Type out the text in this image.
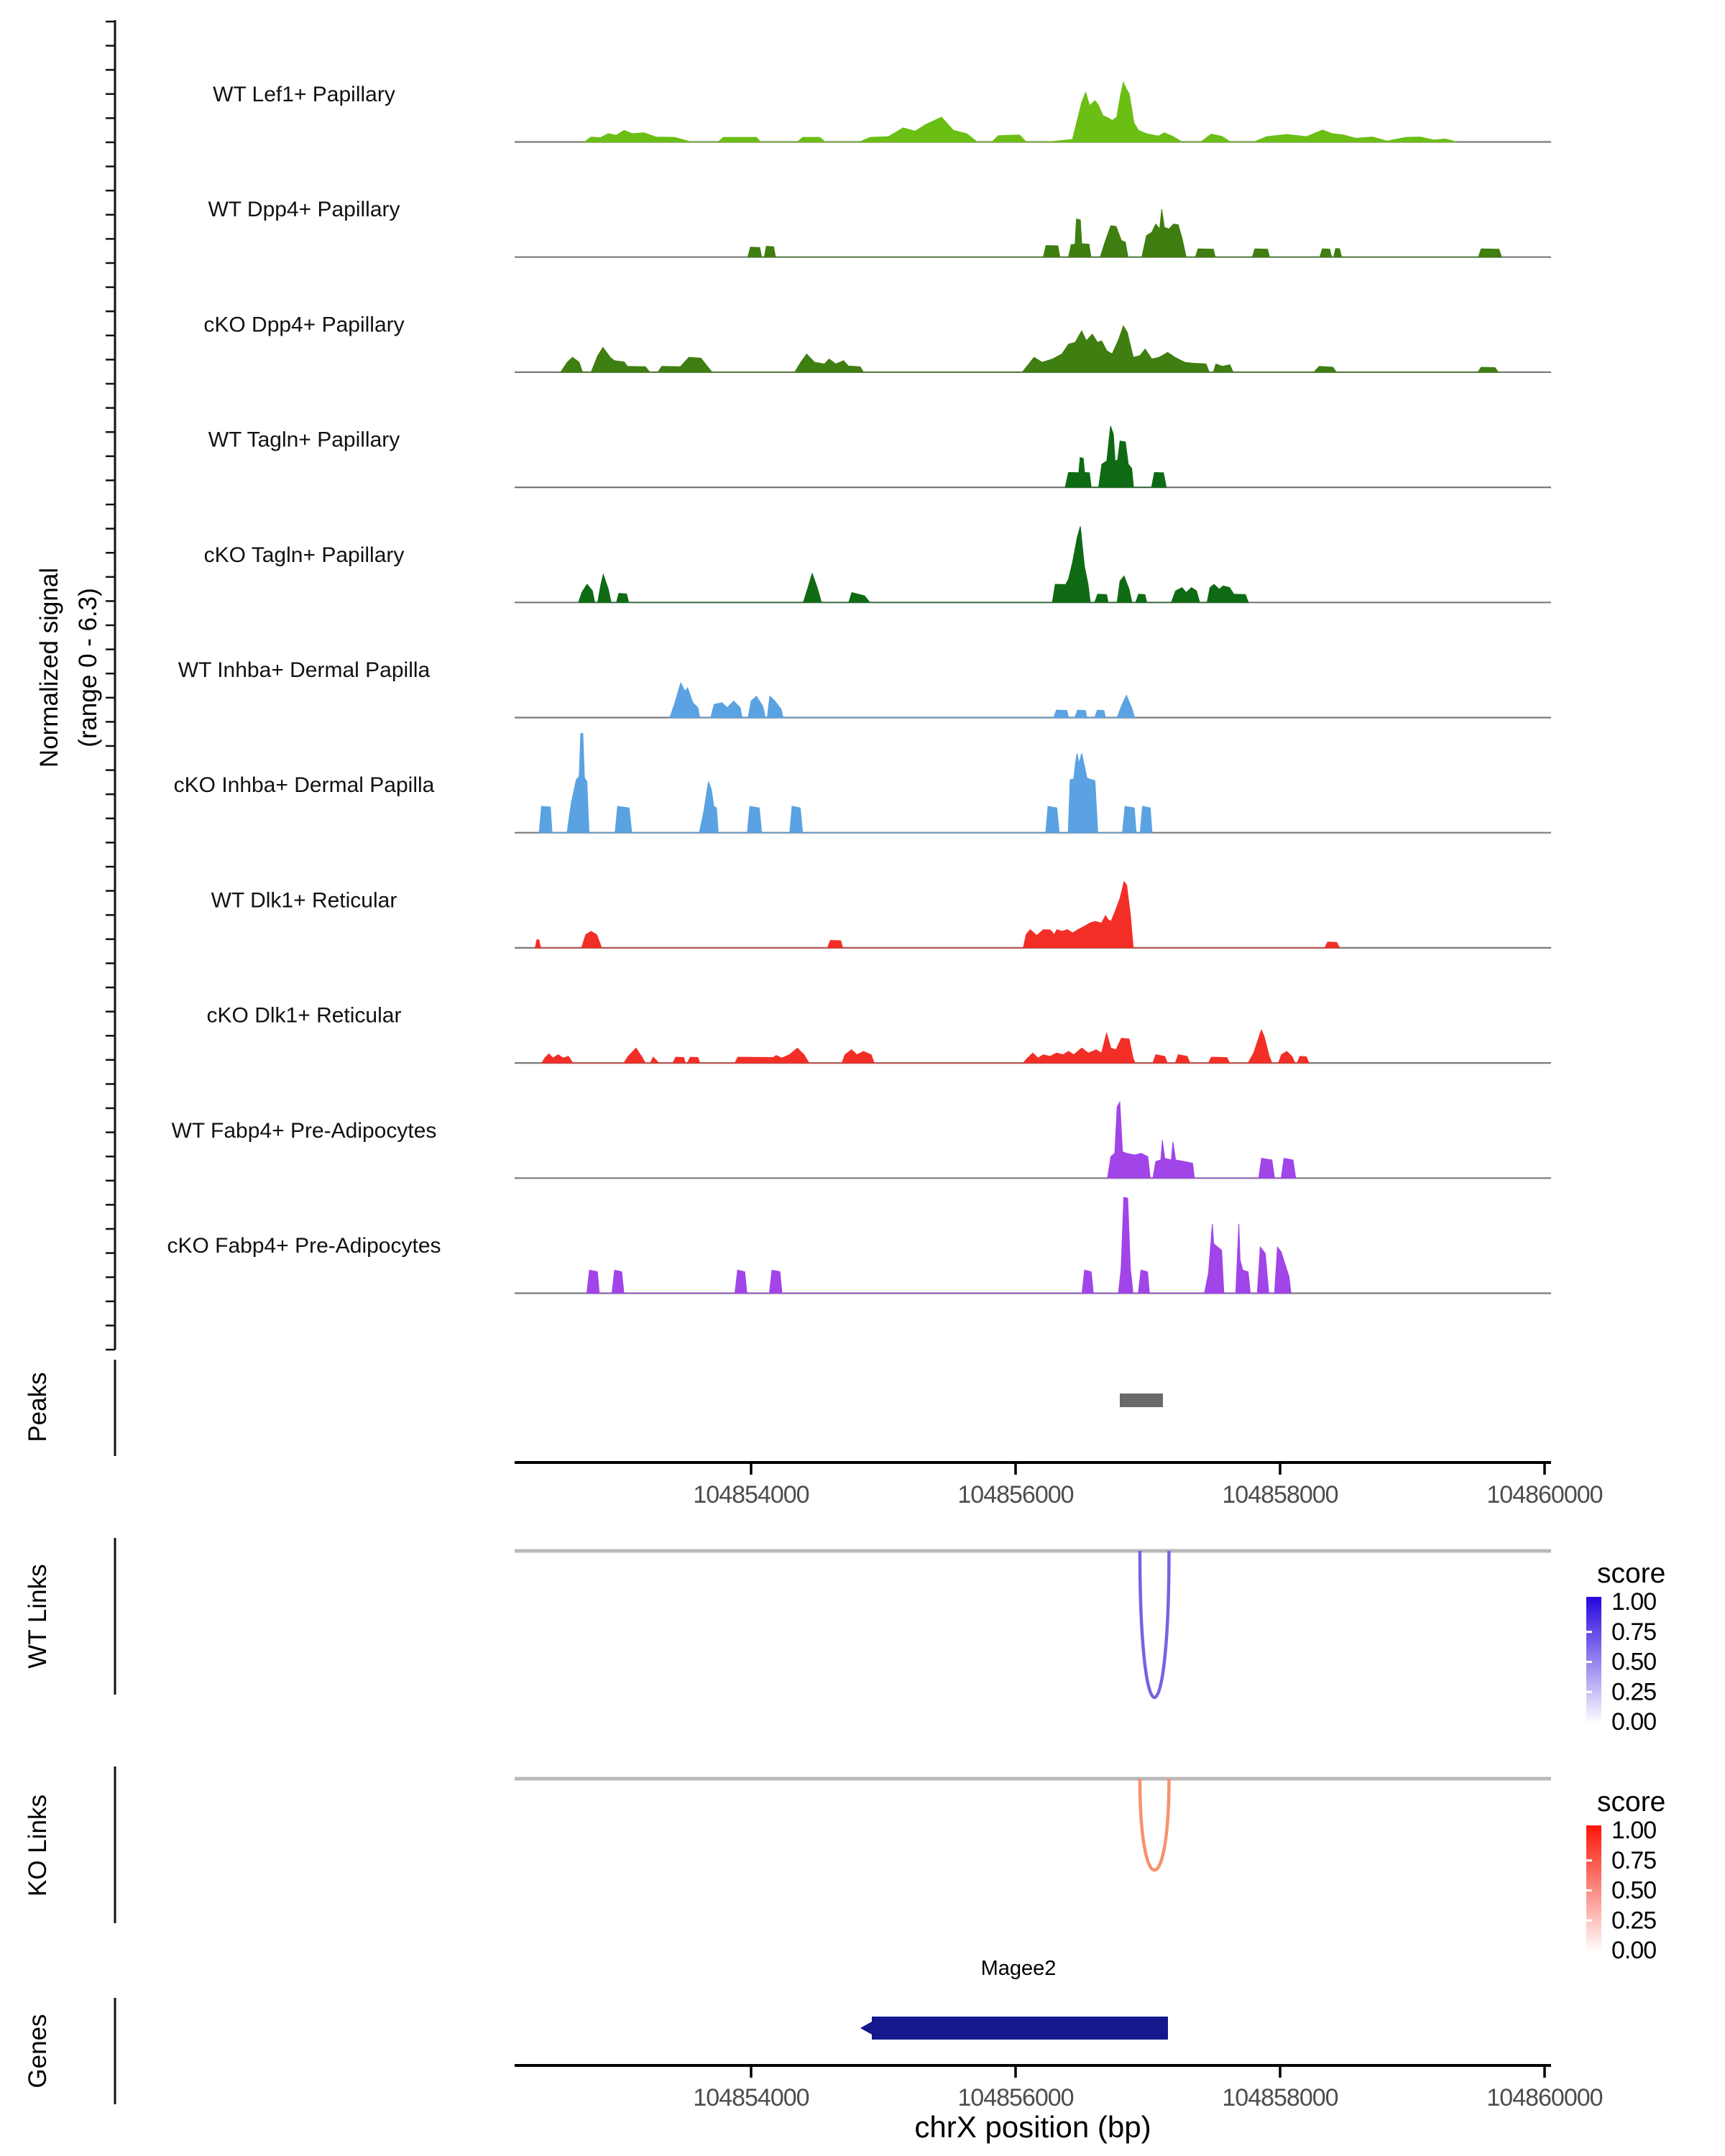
WT Lef1+ Papillary
WT Dpp4+ Papillary
cKO Dpp4+ Papillary
WT Tagln+ Papillary
cKO Tagln+ Papillary
WT Inhba+ Dermal Papilla
cKO Inhba+ Dermal Papilla
WT Dlk1+ Reticular
cKO Dlk1+ Reticular
WT Fabp4+ Pre-Adipocytes
cKO Fabp4+ Pre-Adipocytes
104854000	104856000	104858000	104860000
1.00
0.75
0.50
0.25
0.00
1.00
0.75
0.50
0.25
0.00
104854000	104856000	104858000	104860000
Normalized signal (range 0 - 6.3)
Peaks
WT Links
KO Links
Genes
score
score
Magee2
chrX position (bp)
